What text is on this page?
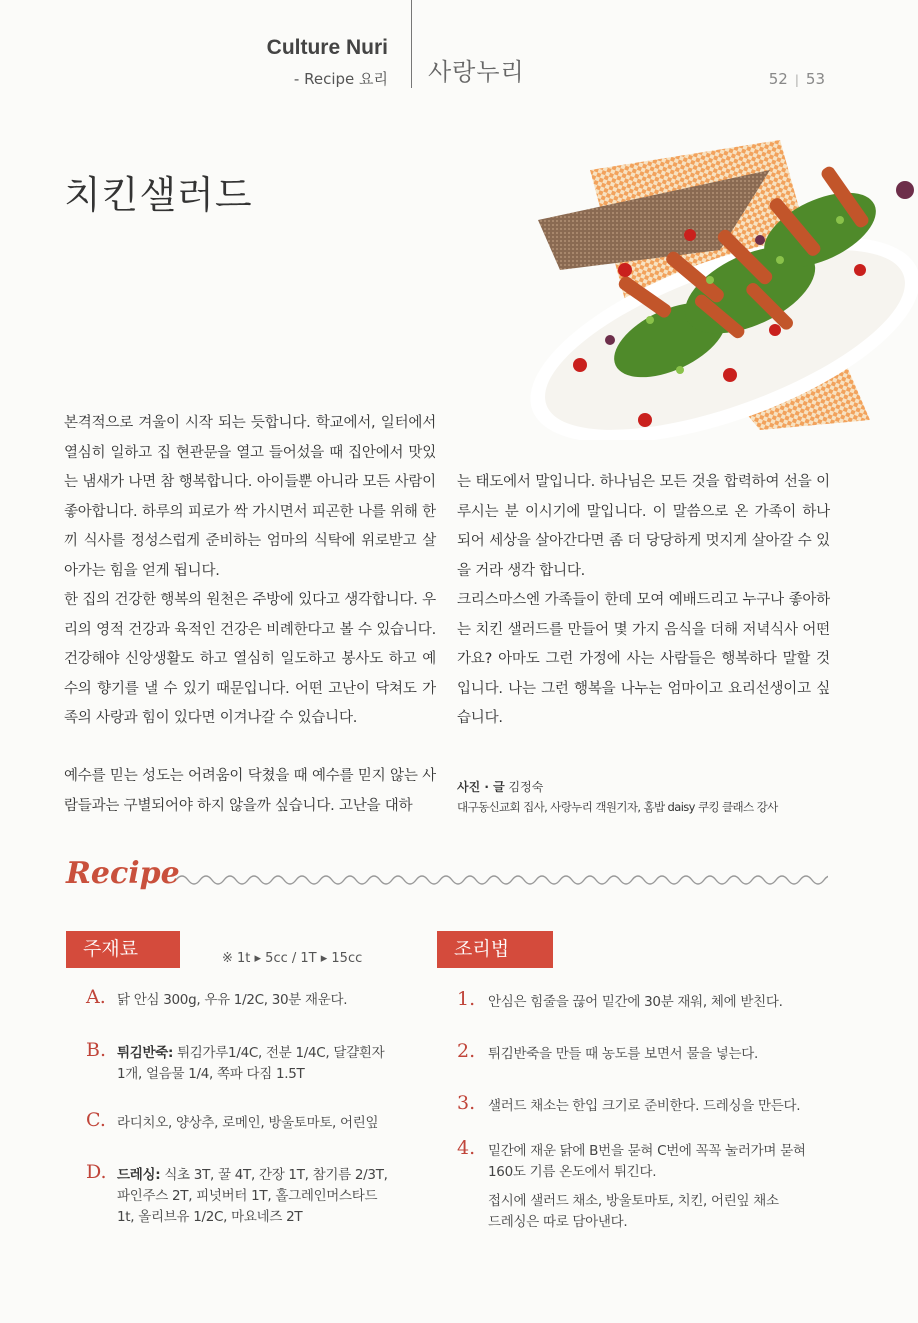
Culture Nuri
- Recipe 요리 사랑누리	52 | 53
치킨샐러드

본격적으로 겨울이 시작 되는 듯합니다. 학교에서, 일터에서 열심히 일하고 집 현관문을 열고 들어섰을 때 집안에서 맛있는 냄새가 나면 참 행복합니다. 아이들뿐 아니라 모든 사람이 좋아합니다. 하루의 피로가 싹 가시면서 피곤한 나를 위해 한 끼 식사를 정성스럽게 준비하는 엄마의 식탁에 위로받고 살아가는 힘을 얻게 됩니다.

한 집의 건강한 행복의 원천은 주방에 있다고 생각합니다. 우리의 영적 건강과 육적인 건강은 비례한다고 볼 수 있습니다. 건강해야 신앙생활도 하고 열심히 일도하고 봉사도 하고 예수의 향기를 낼 수 있기 때문입니다. 어떤 고난이 닥쳐도 가족의 사랑과 힘이 있다면 이겨나갈 수 있습니다.

예수를 믿는 성도는 어려움이 닥쳤을 때 예수를 믿지 않는 사람들과는 구별되어야 하지 않을까 싶습니다. 고난을 대하

는 태도에서 말입니다. 하나님은 모든 것을 합력하여 선을 이루시는 분 이시기에 말입니다. 이 말씀으로 온 가족이 하나 되어 세상을 살아간다면 좀 더 당당하게 멋지게 살아갈 수 있을 거라 생각 합니다.

크리스마스엔 가족들이 한데 모여 예배드리고 누구나 좋아하는 치킨 샐러드를 만들어 몇 가지 음식을 더해 저녁식사 어떤가요? 아마도 그런 가정에 사는 사람들은 행복하다 말할 것입니다. 나는 그런 행복을 나누는 엄마이고 요리선생이고 싶습니다.

사진 · 글 김정숙
대구동신교회 집사, 사랑누리 객원기자, 홈밥 daisy 쿠킹 클래스 강사
Recipe
주재료	※ 1t ▸ 5cc / 1T ▸ 15cc	조리법
A. 닭 안심 300g, 우유 1/2C, 30분 재운다.
B. 튀김반죽: 튀김가루1/4C, 전분 1/4C, 달걀흰자
1개, 얼음물 1/4, 쪽파 다짐 1.5T
C. 라디치오, 양상추, 로메인, 방울토마토, 어린잎
D. 드레싱: 식초 3T, 꿀 4T, 간장 1T, 참기름 2/3T,
파인주스 2T, 피넛버터 1T, 홀그레인머스타드
1t, 올리브유 1/2C, 마요네즈 2T
1. 안심은 힘줄을 끊어 밑간에 30분 재워, 체에 받친다.
2. 튀김반죽을 만들 때 농도를 보면서 물을 넣는다.
3. 샐러드 채소는 한입 크기로 준비한다. 드레싱을 만든다.
4. 밑간에 재운 닭에 B번을 묻혀 C번에 꼭꼭 눌러가며 묻혀
160도 기름 온도에서 튀긴다.
접시에 샐러드 채소, 방울토마토, 치킨, 어린잎 채소
드레싱은 따로 담아낸다.
